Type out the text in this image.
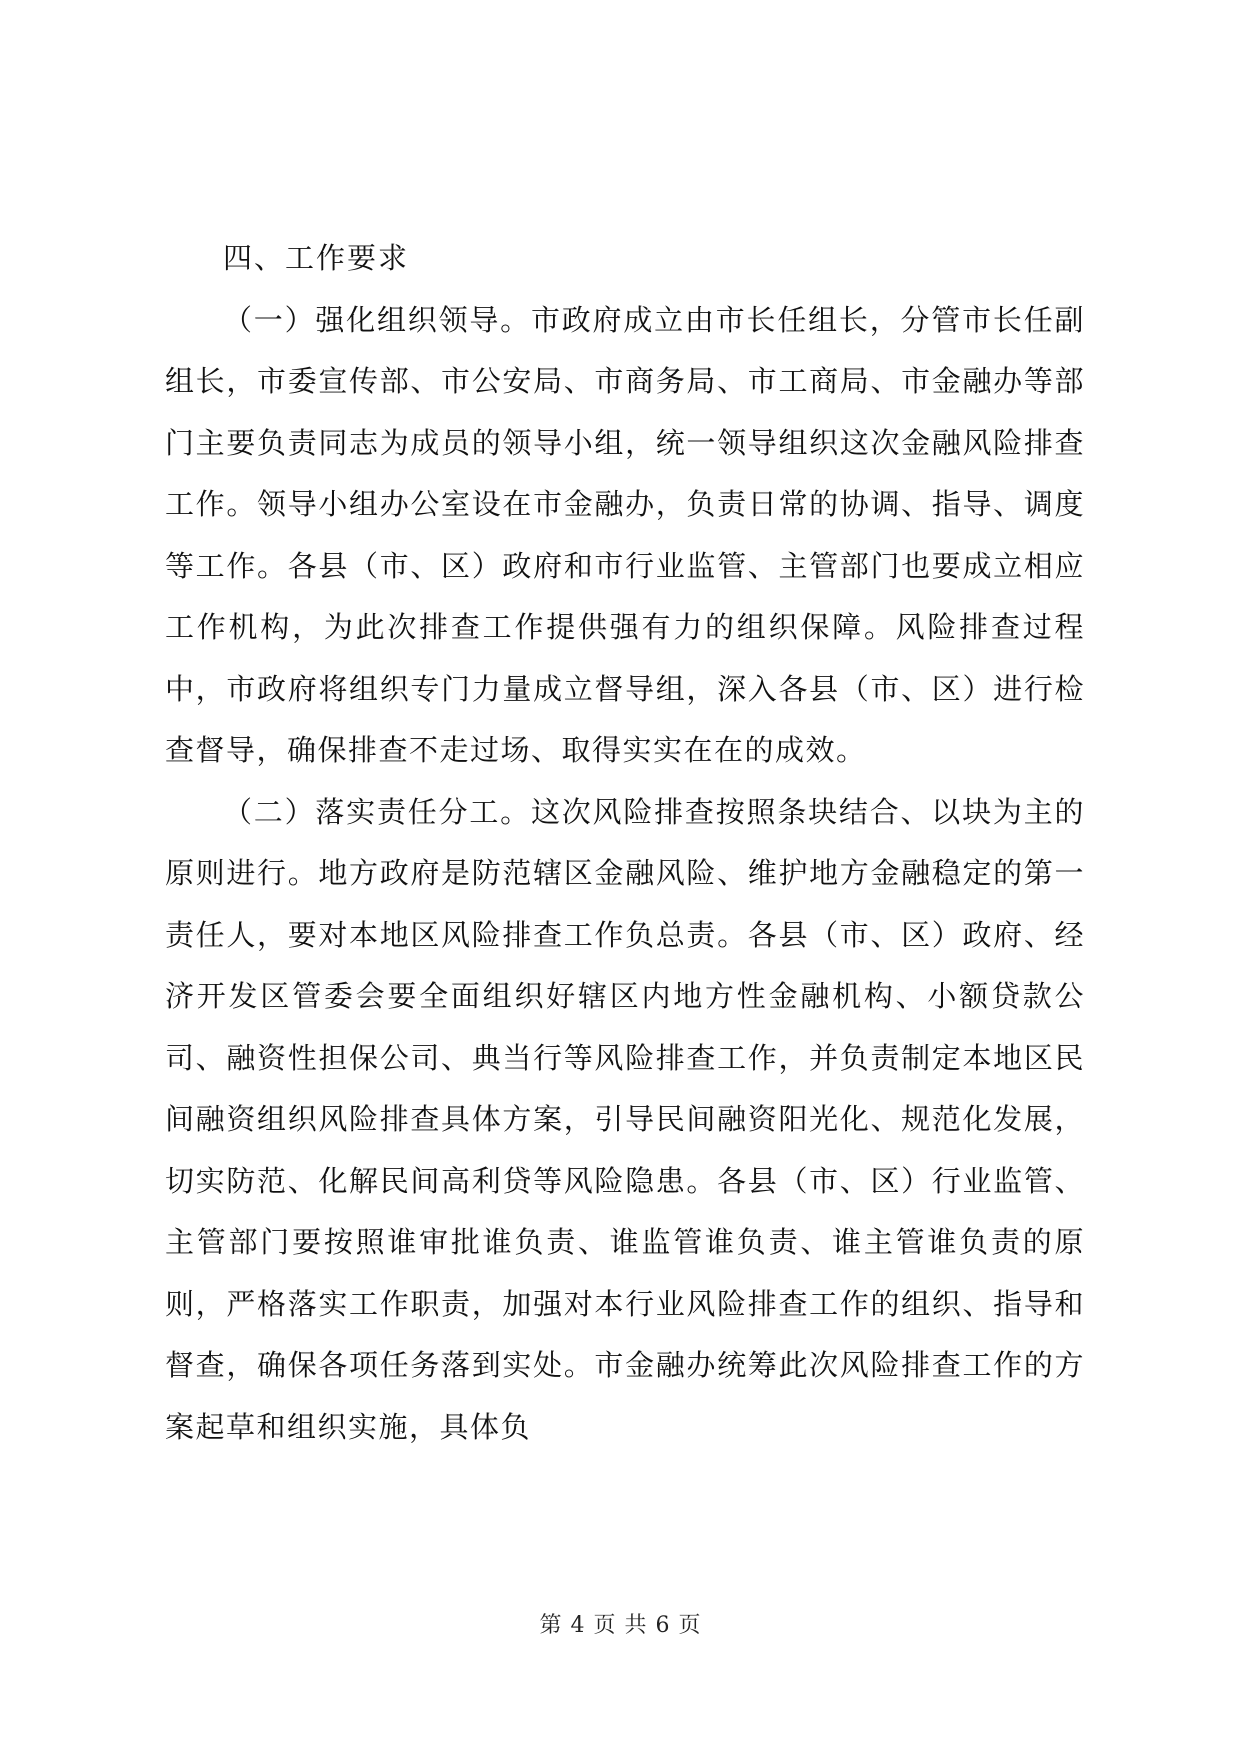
四、工作要求

（一）强化组织领导。市政府成立由市长任组长，分管市长任副组长，市委宣传部、市公安局、市商务局、市工商局、市金融办等部门主要负责同志为成员的领导小组，统一领导组织这次金融风险排查工作。领导小组办公室设在市金融办，负责日常的协调、指导、调度等工作。各县（市、区）政府和市行业监管、主管部门也要成立相应工作机构，为此次排查工作提供强有力的组织保障。风险排查过程中，市政府将组织专门力量成立督导组，深入各县（市、区）进行检查督导，确保排查不走过场、取得实实在在的成效。

（二）落实责任分工。这次风险排查按照条块结合、以块为主的原则进行。地方政府是防范辖区金融风险、维护地方金融稳定的第一责任人，要对本地区风险排查工作负总责。各县（市、区）政府、经济开发区管委会要全面组织好辖区内地方性金融机构、小额贷款公司、融资性担保公司、典当行等风险排查工作，并负责制定本地区民间融资组织风险排查具体方案，引导民间融资阳光化、规范化发展，切实防范、化解民间高利贷等风险隐患。各县（市、区）行业监管、主管部门要按照谁审批谁负责、谁监管谁负责、谁主管谁负责的原则，严格落实工作职责，加强对本行业风险排查工作的组织、指导和督查，确保各项任务落到实处。市金融办统筹此次风险排查工作的方案起草和组织实施，具体负

第 4 页 共 6 页
